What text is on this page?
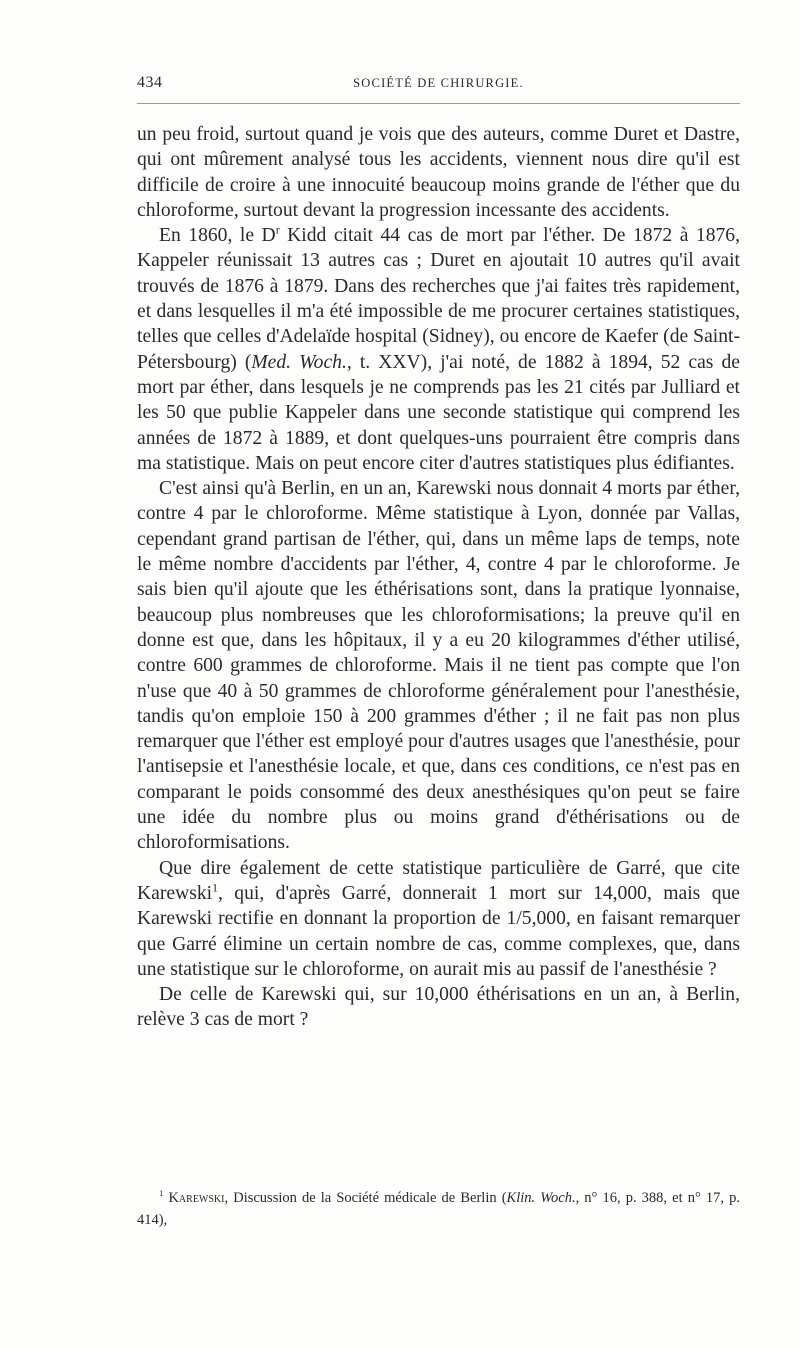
434	SOCIÉTÉ DE CHIRURGIE.

un peu froid, surtout quand je vois que des auteurs, comme Duret et Dastre, qui ont mûrement analysé tous les accidents, viennent nous dire qu'il est difficile de croire à une innocuité beaucoup moins grande de l'éther que du chloroforme, surtout devant la progression incessante des accidents.

En 1860, le $D^r$ Kidd citait 44 cas de mort par l'éther. De 1872 à 1876, Kappeler réunissait 13 autres cas ; Duret en ajoutait 10 autres qu'il avait trouvés de 1876 à 1879. Dans des recherches que j'ai faites très rapidement, et dans lesquelles il m'a été impossible de me procurer certaines statistiques, telles que celles d'Adelaïde hospital (Sidney), ou encore de Kaefer (de Saint-Pétersbourg) (Med. Woch., t. XXV), j'ai noté, de 1882 à 1894, 52 cas de mort par éther, dans lesquels je ne comprends pas les 21 cités par Julliard et les 50 que publie Kappeler dans une seconde statistique qui comprend les années de 1872 à 1889, et dont quelques-uns pourraient être compris dans ma statistique. Mais on peut encore citer d'autres statistiques plus édifiantes.

C'est ainsi qu'à Berlin, en un an, Karewski nous donnait 4 morts par éther, contre 4 par le chloroforme. Même statistique à Lyon, donnée par Vallas, cependant grand partisan de l'éther, qui, dans un même laps de temps, note le même nombre d'accidents par l'éther, 4, contre 4 par le chloroforme. Je sais bien qu'il ajoute que les éthérisations sont, dans la pratique lyonnaise, beaucoup plus nombreuses que les chloroformisations; la preuve qu'il en donne est que, dans les hôpitaux, il y a eu 20 kilogrammes d'éther utilisé, contre 600 grammes de chloroforme. Mais il ne tient pas compte que l'on n'use que 40 à 50 grammes de chloroforme généralement pour l'anesthésie, tandis qu'on emploie 150 à 200 grammes d'éther ; il ne fait pas non plus remarquer que l'éther est employé pour d'autres usages que l'anesthésie, pour l'antisepsie et l'anesthésie locale, et que, dans ces conditions, ce n'est pas en comparant le poids consommé des deux anesthésiques qu'on peut se faire une idée du nombre plus ou moins grand d'éthérisations ou de chloroformisations.

Que dire également de cette statistique particulière de Garré, que cite Karewski$^1$, qui, d'après Garré, donnerait 1 mort sur 14,000, mais que Karewski rectifie en donnant la proportion de 1/5,000, en faisant remarquer que Garré élimine un certain nombre de cas, comme complexes, que, dans une statistique sur le chloroforme, on aurait mis au passif de l'anesthésie ?

De celle de Karewski qui, sur 10,000 éthérisations en un an, à Berlin, relève 3 cas de mort ?

$^1$ Karewski, Discussion de la Société médicale de Berlin (Klin. Woch., n° 16, p. 388, et n° 17, p. 414),
